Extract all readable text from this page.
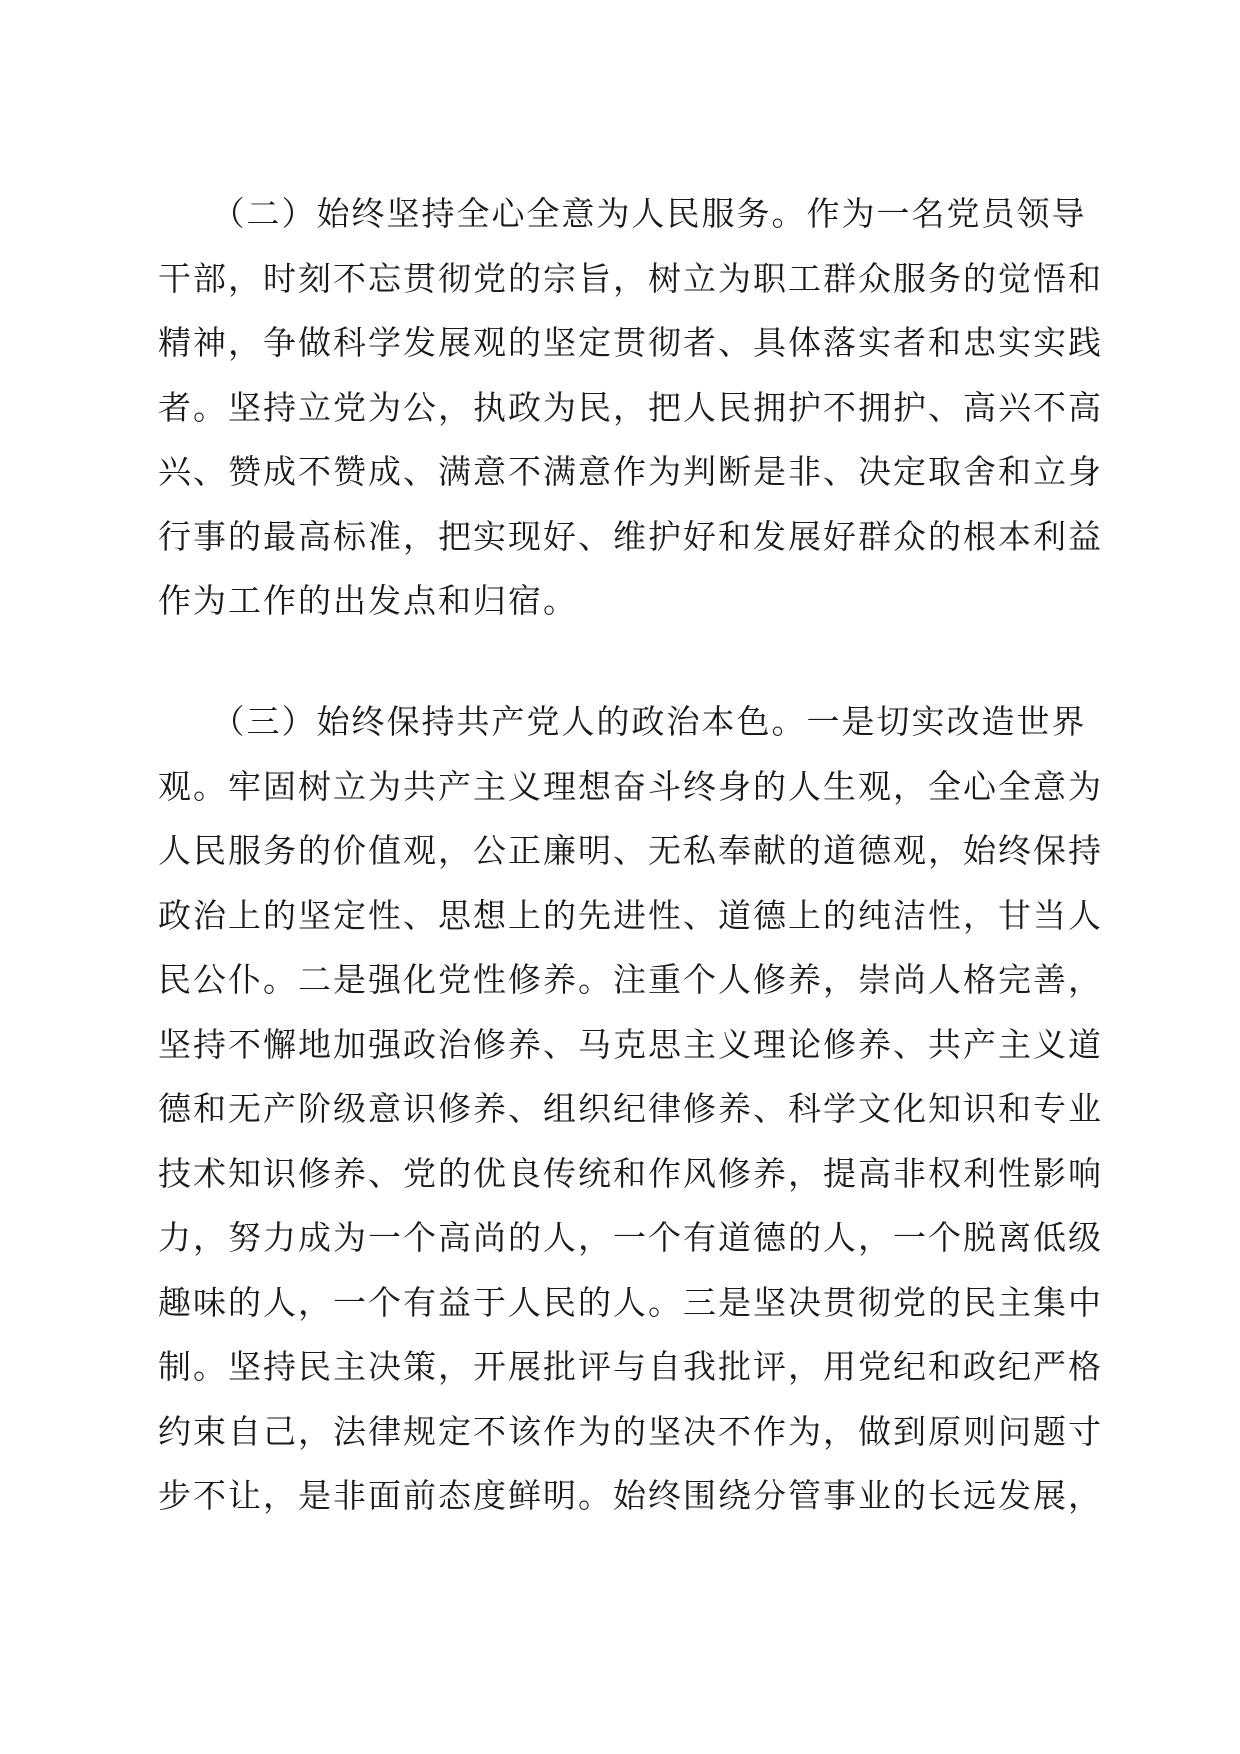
　　（二）始终坚持全心全意为人民服务。作为一名党员领导
干部，时刻不忘贯彻党的宗旨，树立为职工群众服务的觉悟和
精神，争做科学发展观的坚定贯彻者、具体落实者和忠实实践
者。坚持立党为公，执政为民，把人民拥护不拥护、高兴不高
兴、赞成不赞成、满意不满意作为判断是非、决定取舍和立身
行事的最高标准，把实现好、维护好和发展好群众的根本利益
作为工作的出发点和归宿。
　　（三）始终保持共产党人的政治本色。一是切实改造世界
观。牢固树立为共产主义理想奋斗终身的人生观，全心全意为
人民服务的价值观，公正廉明、无私奉献的道德观，始终保持
政治上的坚定性、思想上的先进性、道德上的纯洁性，甘当人
民公仆。二是强化党性修养。注重个人修养，崇尚人格完善，
坚持不懈地加强政治修养、马克思主义理论修养、共产主义道
德和无产阶级意识修养、组织纪律修养、科学文化知识和专业
技术知识修养、党的优良传统和作风修养，提高非权利性影响
力，努力成为一个高尚的人，一个有道德的人，一个脱离低级
趣味的人，一个有益于人民的人。三是坚决贯彻党的民主集中
制。坚持民主决策，开展批评与自我批评，用党纪和政纪严格
约束自己，法律规定不该作为的坚决不作为，做到原则问题寸
步不让，是非面前态度鲜明。始终围绕分管事业的长远发展，
